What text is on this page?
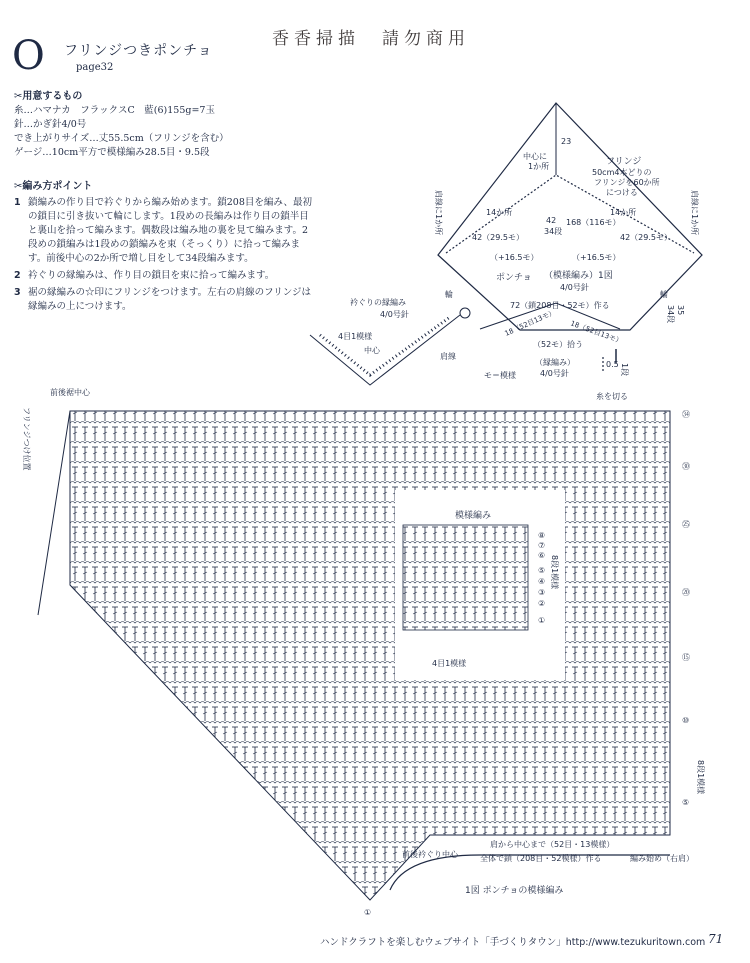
O フリンジつきポンチョ
page32
香香掃描 請勿商用
✂用意するもの
糸…ハマナカ　フラックスC　藍(6)155g=7玉
針…かぎ針4/0号
でき上がりサイズ…丈55.5cm（フリンジを含む）
ゲージ…10cm平方で模様編み28.5目・9.5段
✂編み方ポイント
1 鎖編みの作り目で衿ぐりから編み始めます。鎖208目を編み、最初の鎖目に引き抜いて輪にします。1段めの長編みは作り目の鎖半目と裏山を拾って編みます。偶数段は編み地の裏を見て編みます。2段めの鎖編みは1段めの鎖編みを束（そっくり）に拾って編みます。前後中心の2か所で増し目をして34段編みます。
2 衿ぐりの縁編みは、作り目の鎖目を束に拾って編みます。
3 裾の縁編みの☆印にフリンジをつけます。左右の肩線のフリンジは縁編みの上につけます。
中心に
1か所
23
フリンジ
50cm4本どりの
フリンジを60か所
につける
肩線に1か所	肩線に1か所
14か所	14か所
42（29.5モ）	42（29.5モ）
42
34段
168（116モ）
（+16.5モ）	（+16.5モ）
ポンチョ （模様編み）1図
4/0号針
72（鎖208目・52モ）作る
輪	輪
35
34段
18（52目13モ） 18（52目13モ）
（52モ）拾う
0.5 1段
（縁編み）
4/0号針
モ＝模様
衿ぐりの縁編み
4/0号針
4目1模様
中心
肩線
前後裾中心
フリンジつけ位置
糸を切る
模様編み
4目1模様
8段1模様
8段1模様
肩から中心まで（52目・13模様）
全体で鎖（208目・52模様）作る
前後衿ぐり中心	編み始め（右肩）
1図 ポンチョの模様編み
⑧
⑦
⑥
⑤
④
③
②
①
㉞
㉚
㉕
⑳
⑮
⑩
⑤
①
ハンドクラフトを楽しむウェブサイト「手づくりタウン」http://www.tezukuritown.com 71
